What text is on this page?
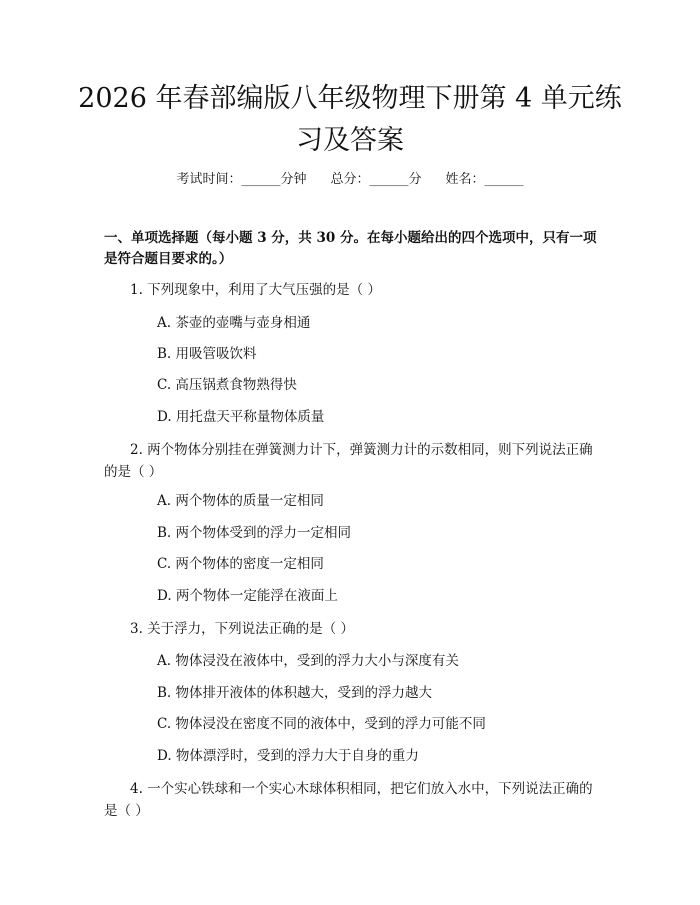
2026 年春部编版八年级物理下册第 4 单元练习及答案
考试时间：______分钟 总分：______分 姓名：______

一、单项选择题（每小题 3 分，共 30 分。在每小题给出的四个选项中，只有一项是符合题目要求的。）

1. 下列现象中，利用了大气压强的是（ ）

A. 茶壶的壶嘴与壶身相通

B. 用吸管吸饮料

C. 高压锅煮食物熟得快

D. 用托盘天平称量物体质量

2. 两个物体分别挂在弹簧测力计下，弹簧测力计的示数相同，则下列说法正确的是（ ）

A. 两个物体的质量一定相同

B. 两个物体受到的浮力一定相同

C. 两个物体的密度一定相同

D. 两个物体一定能浮在液面上

3. 关于浮力，下列说法正确的是（ ）

A. 物体浸没在液体中，受到的浮力大小与深度有关

B. 物体排开液体的体积越大，受到的浮力越大

C. 物体浸没在密度不同的液体中，受到的浮力可能不同

D. 物体漂浮时，受到的浮力大于自身的重力

4. 一个实心铁球和一个实心木球体积相同，把它们放入水中，下列说法正确的是（ ）
